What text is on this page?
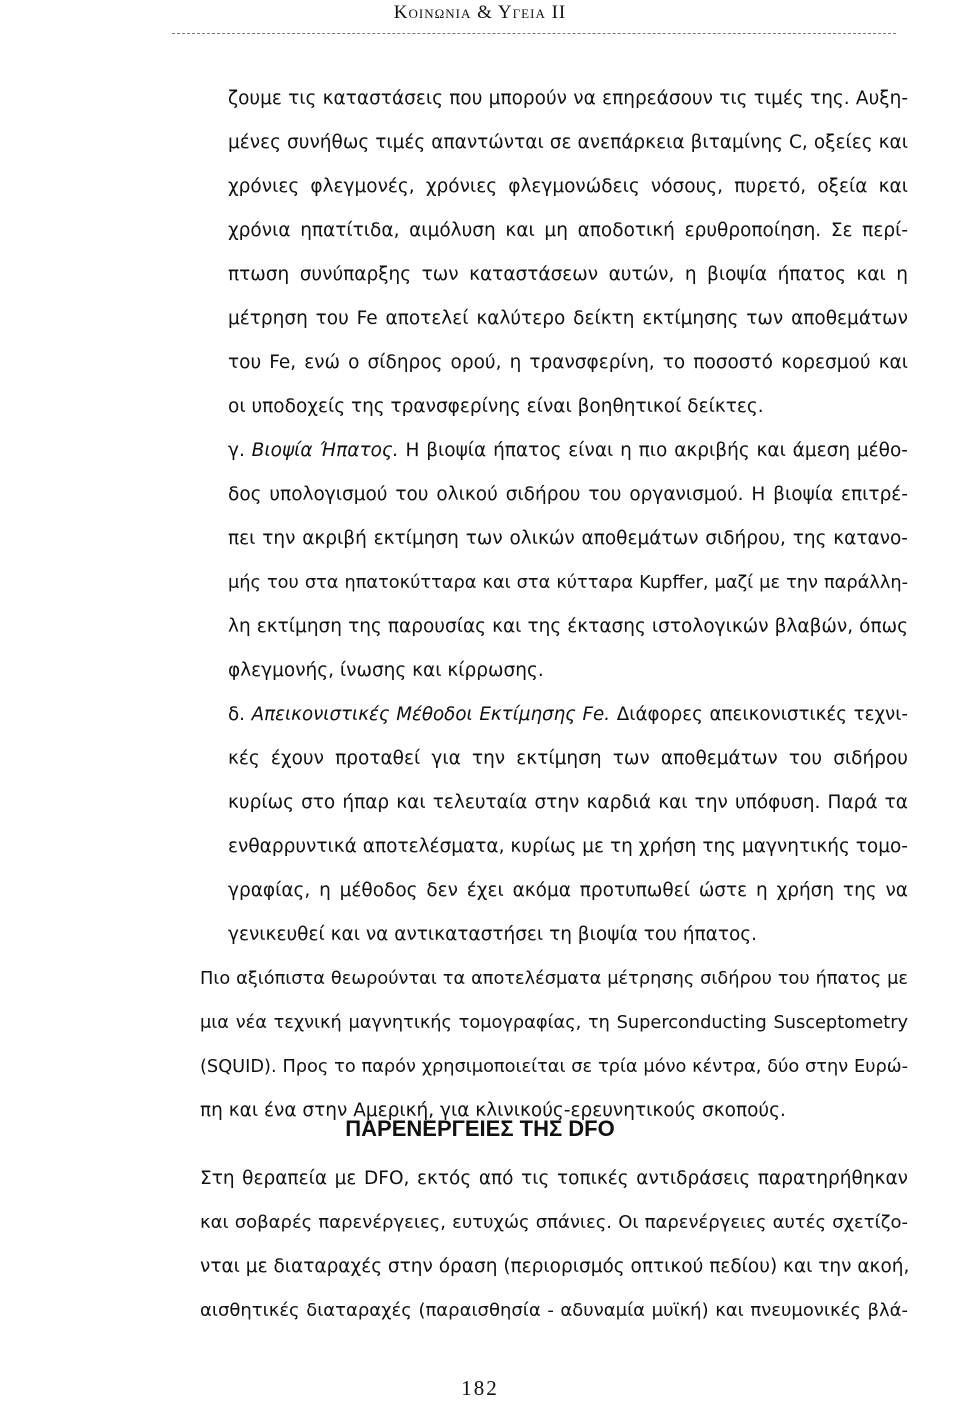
Κοινωνια & Υγεια II
ζουμε τις καταστάσεις που μπορούν να επηρεάσουν τις τιμές της. Αυξη-
μένες συνήθως τιμές απαντώνται σε ανεπάρκεια βιταμίνης C, οξείες και
χρόνιες φλεγμονές, χρόνιες φλεγμονώδεις νόσους, πυρετό, οξεία και
χρόνια ηπατίτιδα, αιμόλυση και μη αποδοτική ερυθροποίηση. Σε περί-
πτωση συνύπαρξης των καταστάσεων αυτών, η βιοψία ήπατος και η
μέτρηση του Fe αποτελεί καλύτερο δείκτη εκτίμησης των αποθεμάτων
του Fe, ενώ ο σίδηρος ορού, η τρανσφερίνη, το ποσοστό κορεσμού και
οι υποδοχείς της τρανσφερίνης είναι βοηθητικοί δείκτες.
γ. Βιοψία Ήπατος. Η βιοψία ήπατος είναι η πιο ακριβής και άμεση μέθο-
δος υπολογισμού του ολικού σιδήρου του οργανισμού. Η βιοψία επιτρέ-
πει την ακριβή εκτίμηση των ολικών αποθεμάτων σιδήρου, της κατανο-
μής του στα ηπατοκύτταρα και στα κύτταρα Kupffer, μαζί με την παράλλη-
λη εκτίμηση της παρουσίας και της έκτασης ιστολογικών βλαβών, όπως
φλεγμονής, ίνωσης και κίρρωσης.
δ. Απεικονιστικές Μέθοδοι Εκτίμησης Fe. Διάφορες απεικονιστικές τεχνι-
κές έχουν προταθεί για την εκτίμηση των αποθεμάτων του σιδήρου
κυρίως στο ήπαρ και τελευταία στην καρδιά και την υπόφυση. Παρά τα
ενθαρρυντικά αποτελέσματα, κυρίως με τη χρήση της μαγνητικής τομο-
γραφίας, η μέθοδος δεν έχει ακόμα προτυπωθεί ώστε η χρήση της να
γενικευθεί και να αντικαταστήσει τη βιοψία του ήπατος.
Πιο αξιόπιστα θεωρούνται τα αποτελέσματα μέτρησης σιδήρου του ήπατος με
μια νέα τεχνική μαγνητικής τομογραφίας, τη Superconducting Susceptometry
(SQUID). Προς το παρόν χρησιμοποιείται σε τρία μόνο κέντρα, δύο στην Ευρώ-
πη και ένα στην Αμερική, για κλινικούς-ερευνητικούς σκοπούς.
ΠΑΡΕΝΕΡΓΕΙΕΣ ΤΗΣ DFO
Στη θεραπεία με DFO, εκτός από τις τοπικές αντιδράσεις παρατηρήθηκαν
και σοβαρές παρενέργειες, ευτυχώς σπάνιες. Οι παρενέργειες αυτές σχετίζο-
νται με διαταραχές στην όραση (περιορισμός οπτικού πεδίου) και την ακοή,
αισθητικές διαταραχές (παραισθησία - αδυναμία μυϊκή) και πνευμονικές βλά-
182
